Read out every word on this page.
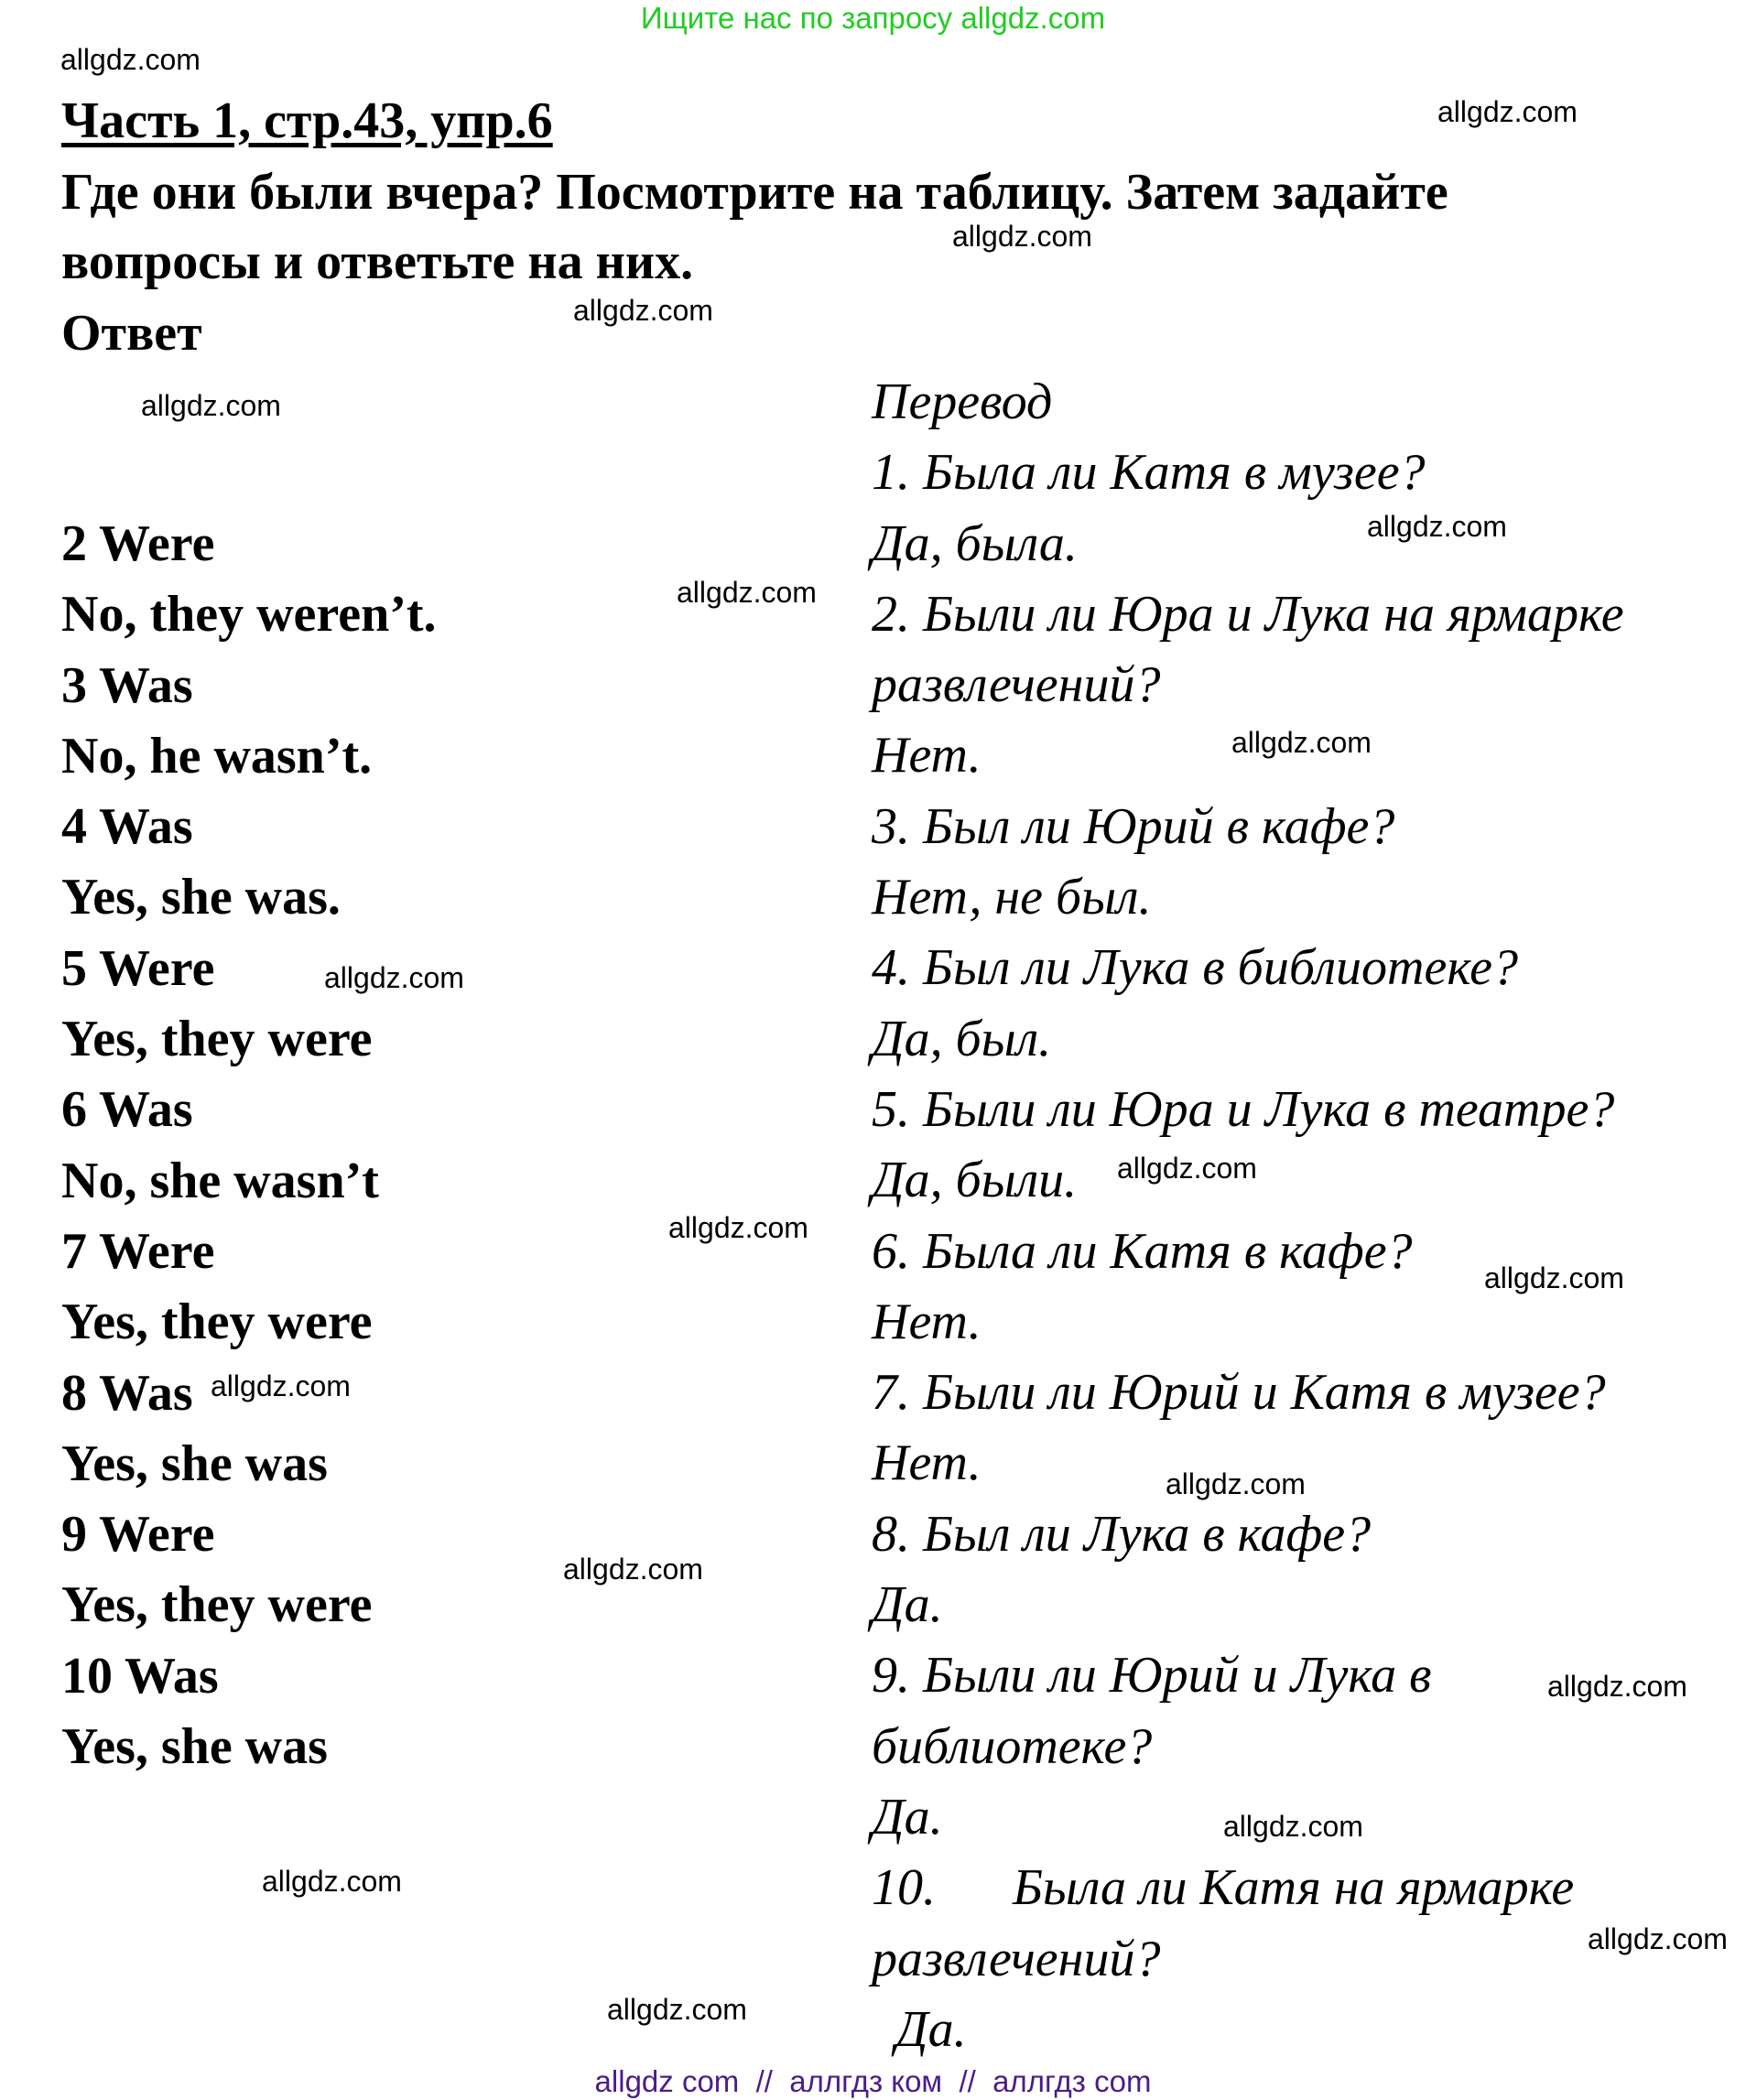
Ищите нас по запросу allgdz.com
Часть 1, стр.43, упр.6
Где они были вчера? Посмотрите на таблицу. Затем задайте
вопросы и ответьте на них.
Ответ
2 Were
No, they weren’t.
3 Was
No, he wasn’t.
4 Was
Yes, she was.
5 Were
Yes, they were
6 Was
No, she wasn’t
7 Were
Yes, they were
8 Was
Yes, she was
9 Were
Yes, they were
10 Was
Yes, she was
Перевод
1. Была ли Катя в музее?
Да, была.
2. Были ли Юра и Лука на ярмарке
развлечений?
Нет.
3. Был ли Юрий в кафе?
Нет, не был.
4. Был ли Лука в библиотеке?
Да, был.
5. Были ли Юра и Лука в театре?
Да, были.
6. Была ли Катя в кафе?
Нет.
7. Были ли Юрий и Катя в музее?
Нет.
8. Был ли Лука в кафе?
Да.
9. Были ли Юрий и Лука в
библиотеке?
Да.
10.      Была ли Катя на ярмарке
развлечений?
Да.
allgdz.com
allgdz.com
allgdz.com
allgdz.com
allgdz.com
allgdz.com
allgdz.com
allgdz.com
allgdz.com
allgdz.com
allgdz.com
allgdz.com
allgdz.com
allgdz.com
allgdz.com
allgdz.com
allgdz.com
allgdz.com
allgdz.com
allgdz.com
allgdz com  //  аллгдз ком  //  аллгдз com
